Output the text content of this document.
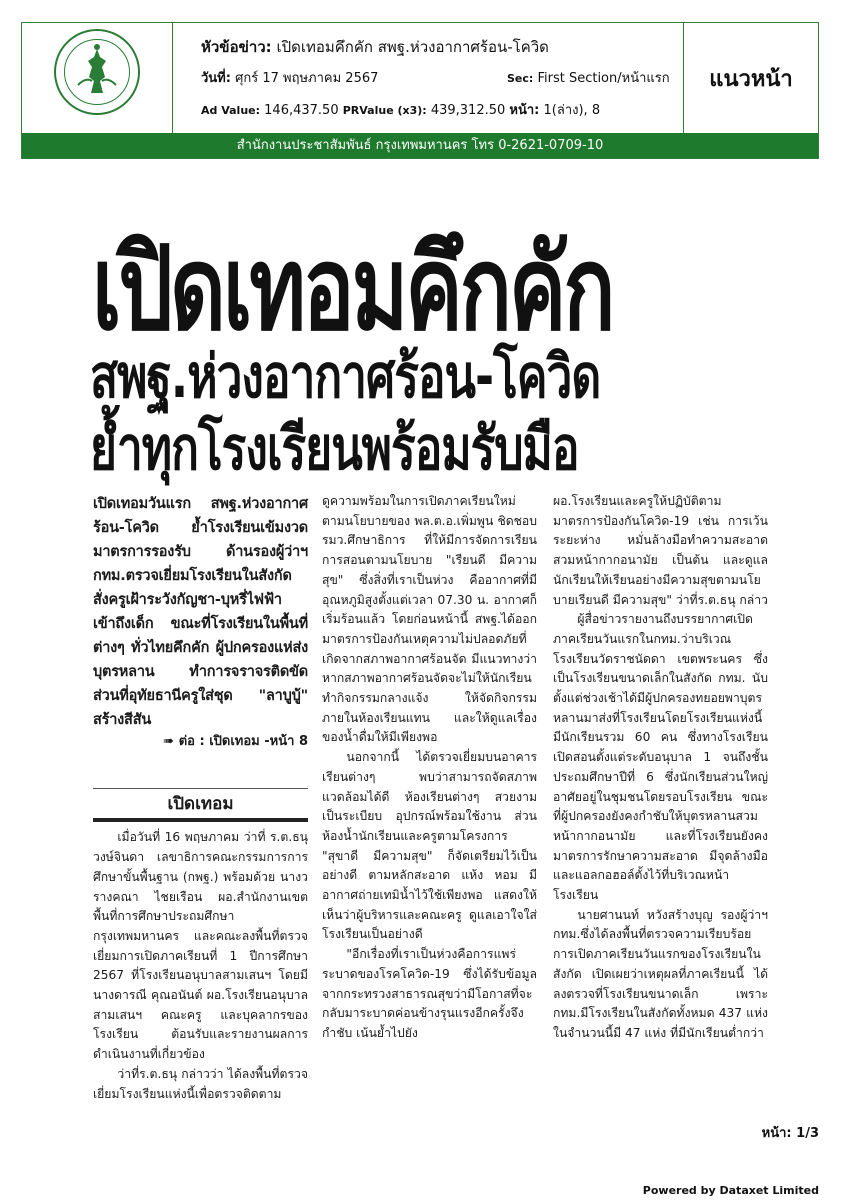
หัวข้อข่าว: เปิดเทอมคึกคัก สพฐ.ห่วงอากาศร้อน-โควิด
วันที่: ศุกร์ 17 พฤษภาคม 2567	Sec: First Section/หน้าแรก
Ad Value: 146,437.50 PRValue (x3): 439,312.50 หน้า: 1(ล่าง), 8
แนวหน้า
สำนักงานประชาสัมพันธ์ กรุงเทพมหานคร โทร 0-2621-0709-10
เปิดเทอมคึกคัก
สพฐ.ห่วงอากาศร้อน-โควิด
ย้ำทุกโรงเรียนพร้อมรับมือ

เปิดเทอมวันแรก สพฐ.ห่วงอากาศร้อน-โควิด ย้ำโรงเรียนเข้มงวดมาตรการรองรับ ด้านรองผู้ว่าฯ กทม.ตรวจเยี่ยมโรงเรียนในสังกัด สั่งครูเฝ้าระวังกัญชา-บุหรี่ไฟฟ้า เข้าถึงเด็ก ขณะที่โรงเรียนในพื้นที่ต่างๆ ทั่วไทยคึกคัก ผู้ปกครองแห่ส่งบุตรหลาน ทำการจราจรติดขัด ส่วนที่อุทัยธานีครูใส่ชุด "ลาบูบู้" สร้างสีสัน

➠ ต่อ : เปิดเทอม -หน้า 8

เปิดเทอม

เมื่อวันที่ 16 พฤษภาคม ว่าที่ ร.ต.ธนุ วงษ์จินดา เลขาธิการคณะกรรมการการศึกษาขั้นพื้นฐาน (กพฐ.) พร้อมด้วย นางวรางคณา ไชยเรือน ผอ.สำนักงานเขตพื้นที่การศึกษาประถมศึกษากรุงเทพมหานคร และคณะลงพื้นที่ตรวจเยี่ยมการเปิดภาคเรียนที่ 1 ปีการศึกษา 2567 ที่โรงเรียนอนุบาลสามเสนฯ โดยมี นางดารณี คุณอนันต์ ผอ.โรงเรียนอนุบาลสามเสนฯ คณะครู และบุคลากรของโรงเรียน ต้อนรับและรายงานผลการดำเนินงานที่เกี่ยวข้อง

ว่าที่ร.ต.ธนุ กล่าวว่า ได้ลงพื้นที่ตรวจเยี่ยมโรงเรียนแห่งนี้เพื่อตรวจติดตาม

ดูความพร้อมในการเปิดภาคเรียนใหม่ ตามนโยบายของ พล.ต.อ.เพิ่มพูน ชิดชอบ รมว.ศึกษาธิการ ที่ให้มีการจัดการเรียนการสอนตามนโยบาย "เรียนดี มีความสุข" ซึ่งสิ่งที่เราเป็นห่วง คืออากาศที่มีอุณหภูมิสูงตั้งแต่เวลา 07.30 น. อากาศก็เริ่มร้อนแล้ว โดยก่อนหน้านี้ สพฐ.ได้ออกมาตรการป้องกันเหตุความไม่ปลอดภัยที่เกิดจากสภาพอากาศร้อนจัด มีแนวทางว่าหากสภาพอากาศร้อนจัดจะไม่ให้นักเรียนทำกิจกรรมกลางแจ้ง ให้จัดกิจกรรมภายในห้องเรียนแทน และให้ดูแลเรื่องของน้ำดื่มให้มีเพียงพอ

นอกจากนี้ ได้ตรวจเยี่ยมบนอาคารเรียนต่างๆ พบว่าสามารถจัดสภาพแวดล้อมได้ดี ห้องเรียนต่างๆ สวยงาม เป็นระเบียบ อุปกรณ์พร้อมใช้งาน ส่วนห้องน้ำนักเรียนและครูตามโครงการ "สุขาดี มีความสุข" ก็จัดเตรียมไว้เป็นอย่างดี ตามหลักสะอาด แห้ง หอม มีอากาศถ่ายเทมิน้ำไว้ใช้เพียงพอ แสดงให้เห็นว่าผู้บริหารและคณะครู ดูแลเอาใจใส่โรงเรียนเป็นอย่างดี

"อีกเรื่องที่เราเป็นห่วงคือการแพร่ระบาดของโรคโควิด-19 ซึ่งได้รับข้อมูลจากกระทรวงสาธารณสุขว่ามีโอกาสที่จะกลับมาระบาดค่อนข้างรุนแรงอีกครั้งจึงกำชับ เน้นย้ำไปยัง

ผอ.โรงเรียนและครูให้ปฏิบัติตามมาตรการป้องกันโควิด-19 เช่น การเว้นระยะห่าง หมั่นล้างมือทำความสะอาด สวมหน้ากากอนามัย เป็นต้น และดูแลนักเรียนให้เรียนอย่างมีความสุขตามนโยบายเรียนดี มีความสุข" ว่าที่ร.ต.ธนุ กล่าว

ผู้สื่อข่าวรายงานถึงบรรยากาศเปิดภาคเรียนวันแรกในกทม.ว่าบริเวณโรงเรียนวัดราชนัดดา เขตพระนคร ซึ่งเป็นโรงเรียนขนาดเล็กในสังกัด กทม. นับตั้งแต่ช่วงเช้าได้มีผู้ปกครองทยอยพาบุตรหลานมาส่งที่โรงเรียนโดยโรงเรียนแห่งนี้มีนักเรียนรวม 60 คน ซึ่งทางโรงเรียนเปิดสอนตั้งแต่ระดับอนุบาล 1 จนถึงชั้นประถมศึกษาปีที่ 6 ซึ่งนักเรียนส่วนใหญ่อาศัยอยู่ในชุมชนโดยรอบโรงเรียน ขณะที่ผู้ปกครองยังคงกำชับให้บุตรหลานสวมหน้ากากอนามัย และที่โรงเรียนยังคงมาตรการรักษาความสะอาด มีจุดล้างมือและแอลกอฮอล์ตั้งไว้ที่บริเวณหน้าโรงเรียน

นายศานนท์ หวังสร้างบุญ รองผู้ว่าฯ กทม.ซึ่งได้ลงพื้นที่ตรวจความเรียบร้อยการเปิดภาคเรียนวันแรกของโรงเรียนในสังกัด เปิดเผยว่าเหตุผลที่ภาคเรียนนี้ ได้ลงตรวจที่โรงเรียนขนาดเล็ก เพราะ กทม.มีโรงเรียนในสังกัดทั้งหมด 437 แห่ง ในจำนวนนี้มี 47 แห่ง ที่มีนักเรียนต่ำกว่า

หน้า: 1/3
Powered by Dataxet Limited
